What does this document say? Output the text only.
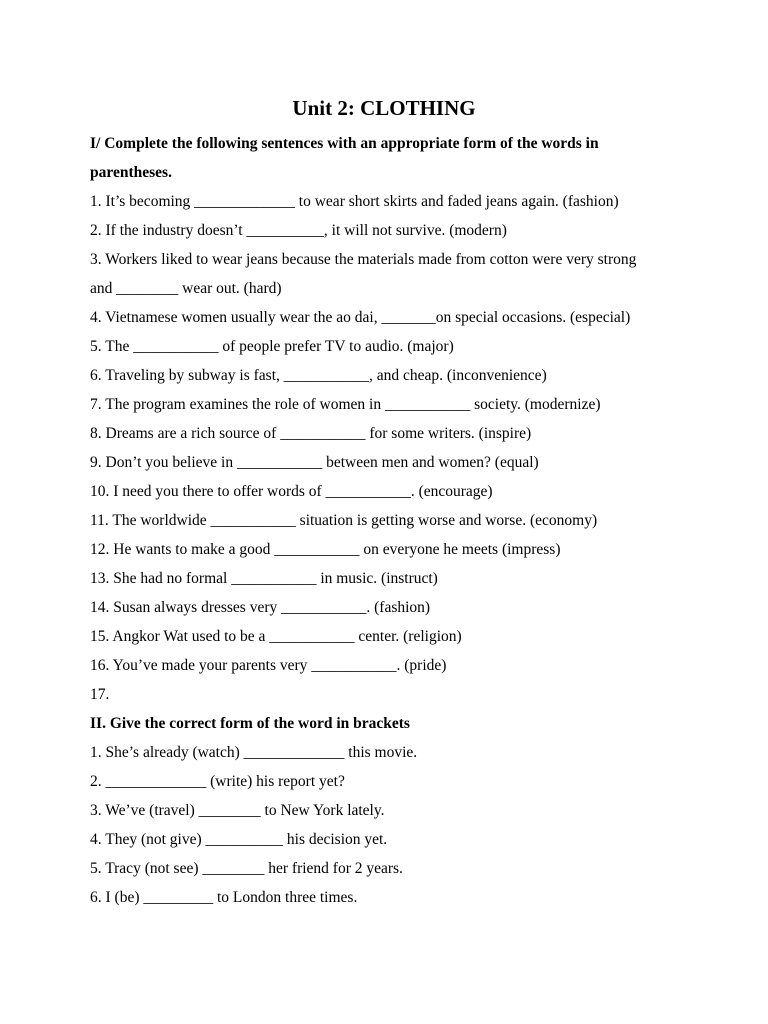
Unit 2: CLOTHING
I/ Complete the following sentences with an appropriate form of the words in
parentheses.
1. It’s becoming _____________ to wear short skirts and faded jeans again. (fashion)
2. If the industry doesn’t __________, it will not survive. (modern)
3. Workers liked to wear jeans because the materials made from cotton were very strong
and ________ wear out. (hard)
4. Vietnamese women usually wear the ao dai, _______on special occasions. (especial)
5. The ___________ of people prefer TV to audio. (major)
6. Traveling by subway is fast, ___________, and cheap. (inconvenience)
7. The program examines the role of women in ___________ society. (modernize)
8. Dreams are a rich source of ___________ for some writers. (inspire)
9. Don’t you believe in ___________ between men and women? (equal)
10. I need you there to offer words of ___________. (encourage)
11. The worldwide ___________ situation is getting worse and worse. (economy)
12. He wants to make a good ___________ on everyone he meets (impress)
13. She had no formal ___________ in music. (instruct)
14. Susan always dresses very ___________. (fashion)
15. Angkor Wat used to be a ___________ center. (religion)
16. You’ve made your parents very ___________. (pride)
17.
II. Give the correct form of the word in brackets
1. She’s already (watch) _____________ this movie.
2. _____________ (write) his report yet?
3. We’ve (travel) ________ to New York lately.
4. They (not give) __________ his decision yet.
5. Tracy (not see) ________ her friend for 2 years.
6. I (be) _________ to London three times.
